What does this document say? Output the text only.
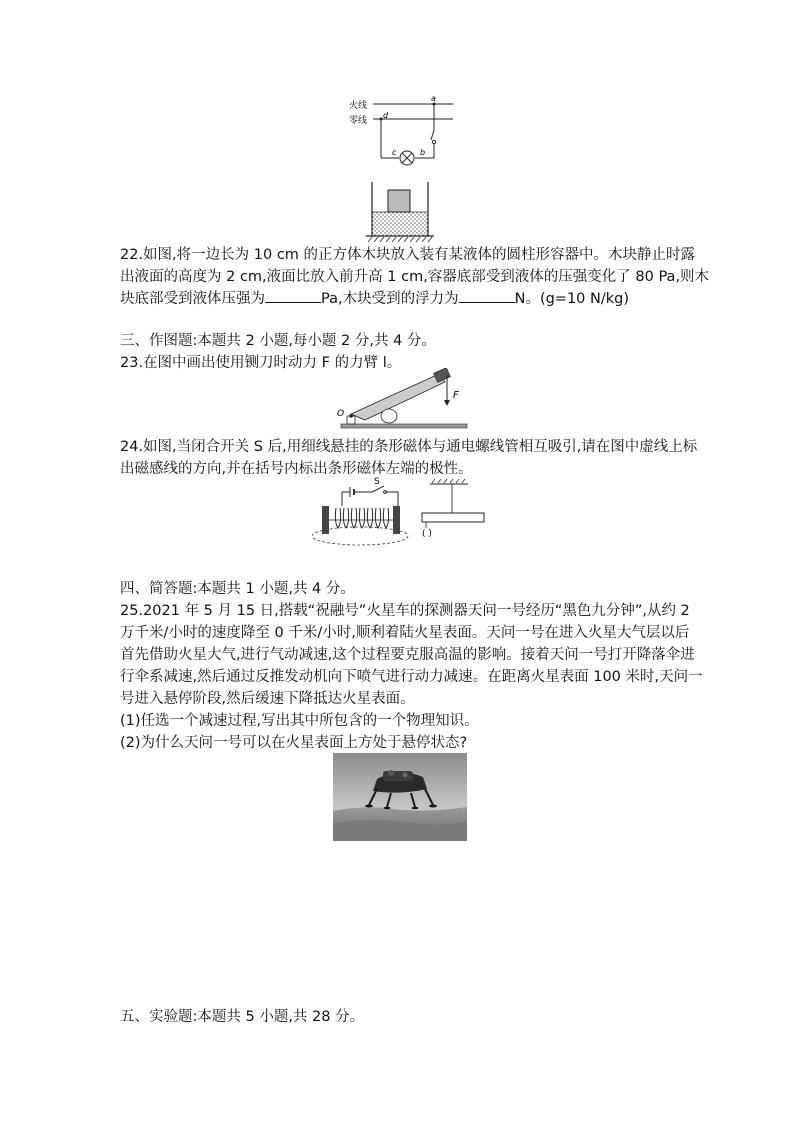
火线
零线
a
d
c	b
22.如图,将一边长为 10 cm 的正方体木块放入装有某液体的圆柱形容器中。木块静止时露
出液面的高度为 2 cm,液面比放入前升高 1 cm,容器底部受到液体的压强变化了 80 Pa,则木
块底部受到液体压强为	Pa,木块受到的浮力为	N。(g=10 N/kg)
三、作图题:本题共 2 小题,每小题 2 分,共 4 分。
23.在图中画出使用铡刀时动力 F 的力臂 l。
O
F
24.如图,当闭合开关 S 后,用细线悬挂的条形磁体与通电螺线管相互吸引,请在图中虚线上标
出磁感线的方向,并在括号内标出条形磁体左端的极性。
S
( )
四、简答题:本题共 1 小题,共 4 分。
25.2021 年 5 月 15 日,搭载“祝融号”火星车的探测器天问一号经历“黑色九分钟”,从约 2
万千米/小时的速度降至 0 千米/小时,顺利着陆火星表面。天问一号在进入火星大气层以后
首先借助火星大气,进行气动减速,这个过程要克服高温的影响。接着天问一号打开降落伞进
行伞系减速,然后通过反推发动机向下喷气进行动力减速。在距离火星表面 100 米时,天问一
号进入悬停阶段,然后缓速下降抵达火星表面。
(1)任选一个减速过程,写出其中所包含的一个物理知识。
(2)为什么天问一号可以在火星表面上方处于悬停状态?
五、实验题:本题共 5 小题,共 28 分。
